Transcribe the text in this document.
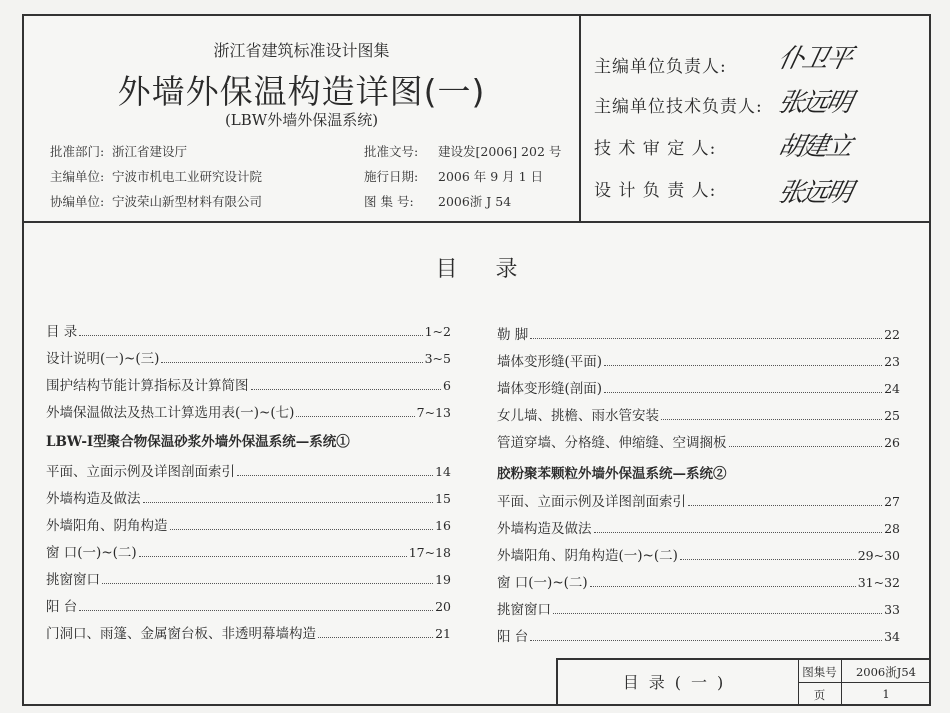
浙江省建筑标准设计图集
外墙外保温构造详图(一)
(LBW外墙外保温系统)
批准部门: 浙江省建设厅
主编单位: 宁波市机电工业研究设计院
协编单位: 宁波荣山新型材料有限公司
批准文号: 建设发[2006] 202 号
施行日期: 2006 年 9 月 1 日
图 集 号: 2006浙 J 54
主编单位负责人: 仆卫平
主编单位技术负责人: 张远明
技 术 审 定 人: 胡建立
设 计 负 责 人: 张远明
目录
目 录	1~2
设计说明(一)~(三)	3~5
围护结构节能计算指标及计算简图	6
外墙保温做法及热工计算选用表(一)~(七)	7~13
LBW-Ⅰ型聚合物保温砂浆外墙外保温系统—系统①
平面、立面示例及详图剖面索引	14
外墙构造及做法	15
外墙阳角、阴角构造	16
窗 口(一)~(二)	17~18
挑窗窗口	19
阳 台	20
门洞口、雨篷、金属窗台板、非透明幕墙构造	21
勒 脚	22
墙体变形缝(平面)	23
墙体变形缝(剖面)	24
女儿墙、挑檐、雨水管安装	25
管道穿墙、分格缝、伸缩缝、空调搁板	26
胶粉聚苯颗粒外墙外保温系统—系统②
平面、立面示例及详图剖面索引	27
外墙构造及做法	28
外墙阳角、阴角构造(一)~(二)	29~30
窗 口(一)~(二)	31~32
挑窗窗口	33
阳 台	34
目录(一)
图集号	2006浙J54
页	1
